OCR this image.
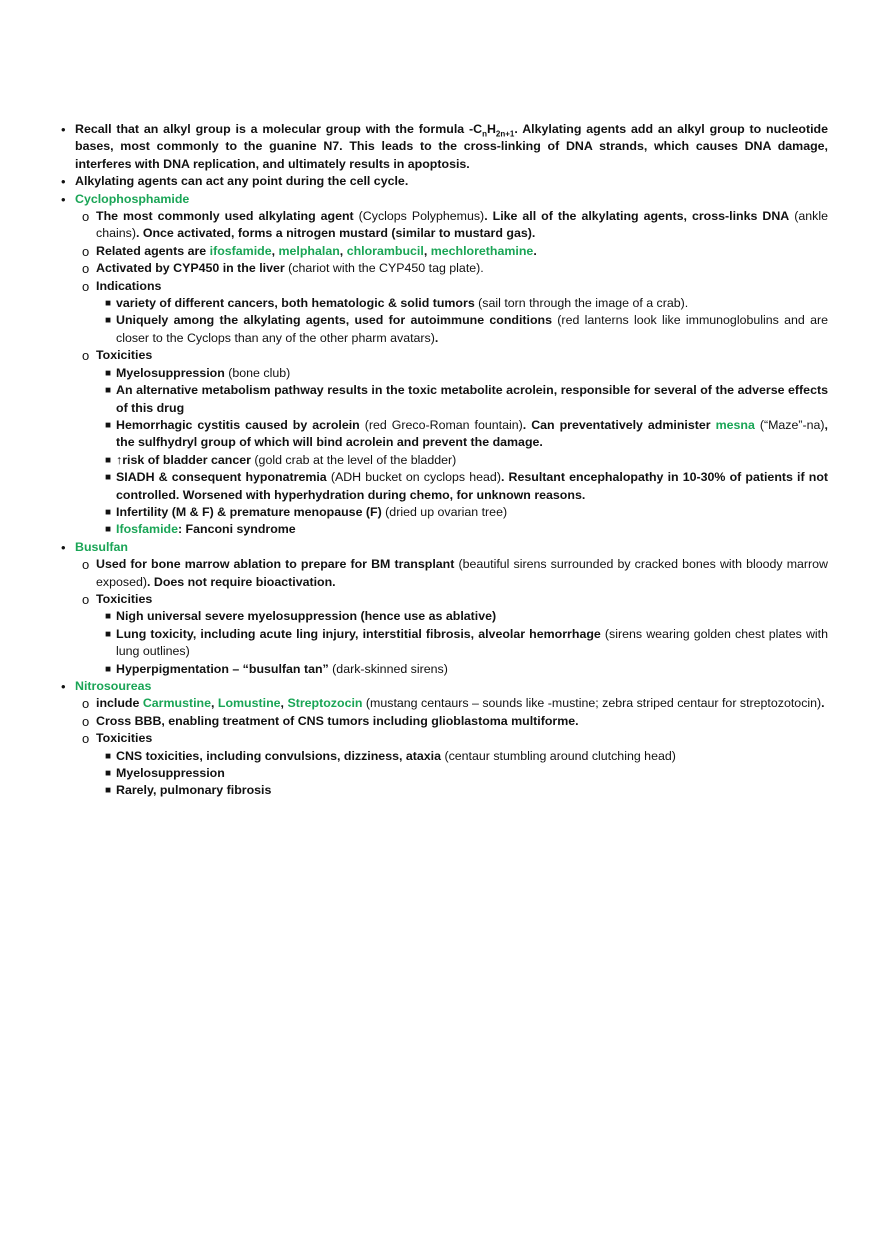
• Recall that an alkyl group is a molecular group with the formula $-C_nH_{2n+1}$. Alkylating agents add an alkyl group to nucleotide bases, most commonly to the guanine N7. This leads to the cross-linking of DNA strands, which causes DNA damage, interferes with DNA replication, and ultimately results in apoptosis.
• Alkylating agents can act any point during the cell cycle.
• Cyclophosphamide
o The most commonly used alkylating agent (Cyclops Polyphemus). Like all of the alkylating agents, cross-links DNA (ankle chains). Once activated, forms a nitrogen mustard (similar to mustard gas).
o Related agents are ifosfamide, melphalan, chlorambucil, mechlorethamine.
o Activated by CYP450 in the liver (chariot with the CYP450 tag plate).
o Indications
■ variety of different cancers, both hematologic & solid tumors (sail torn through the image of a crab).
■ Uniquely among the alkylating agents, used for autoimmune conditions (red lanterns look like immunoglobulins and are closer to the Cyclops than any of the other pharm avatars).
o Toxicities
■ Myelosuppression (bone club)
■ An alternative metabolism pathway results in the toxic metabolite acrolein, responsible for several of the adverse effects of this drug
■ Hemorrhagic cystitis caused by acrolein (red Greco-Roman fountain). Can preventatively administer mesna (“Maze”-na), the sulfhydryl group of which will bind acrolein and prevent the damage.
■ ↑risk of bladder cancer (gold crab at the level of the bladder)
■ SIADH & consequent hyponatremia (ADH bucket on cyclops head). Resultant encephalopathy in 10-30% of patients if not controlled. Worsened with hyperhydration during chemo, for unknown reasons.
■ Infertility (M & F) & premature menopause (F) (dried up ovarian tree)
■ Ifosfamide: Fanconi syndrome
• Busulfan
o Used for bone marrow ablation to prepare for BM transplant (beautiful sirens surrounded by cracked bones with bloody marrow exposed). Does not require bioactivation.
o Toxicities
■ Nigh universal severe myelosuppression (hence use as ablative)
■ Lung toxicity, including acute ling injury, interstitial fibrosis, alveolar hemorrhage (sirens wearing golden chest plates with lung outlines)
■ Hyperpigmentation – “busulfan tan” (dark-skinned sirens)
• Nitrosoureas
o include Carmustine, Lomustine, Streptozocin (mustang centaurs – sounds like -mustine; zebra striped centaur for streptozotocin).
o Cross BBB, enabling treatment of CNS tumors including glioblastoma multiforme.
o Toxicities
■ CNS toxicities, including convulsions, dizziness, ataxia (centaur stumbling around clutching head)
■ Myelosuppression
■ Rarely, pulmonary fibrosis
